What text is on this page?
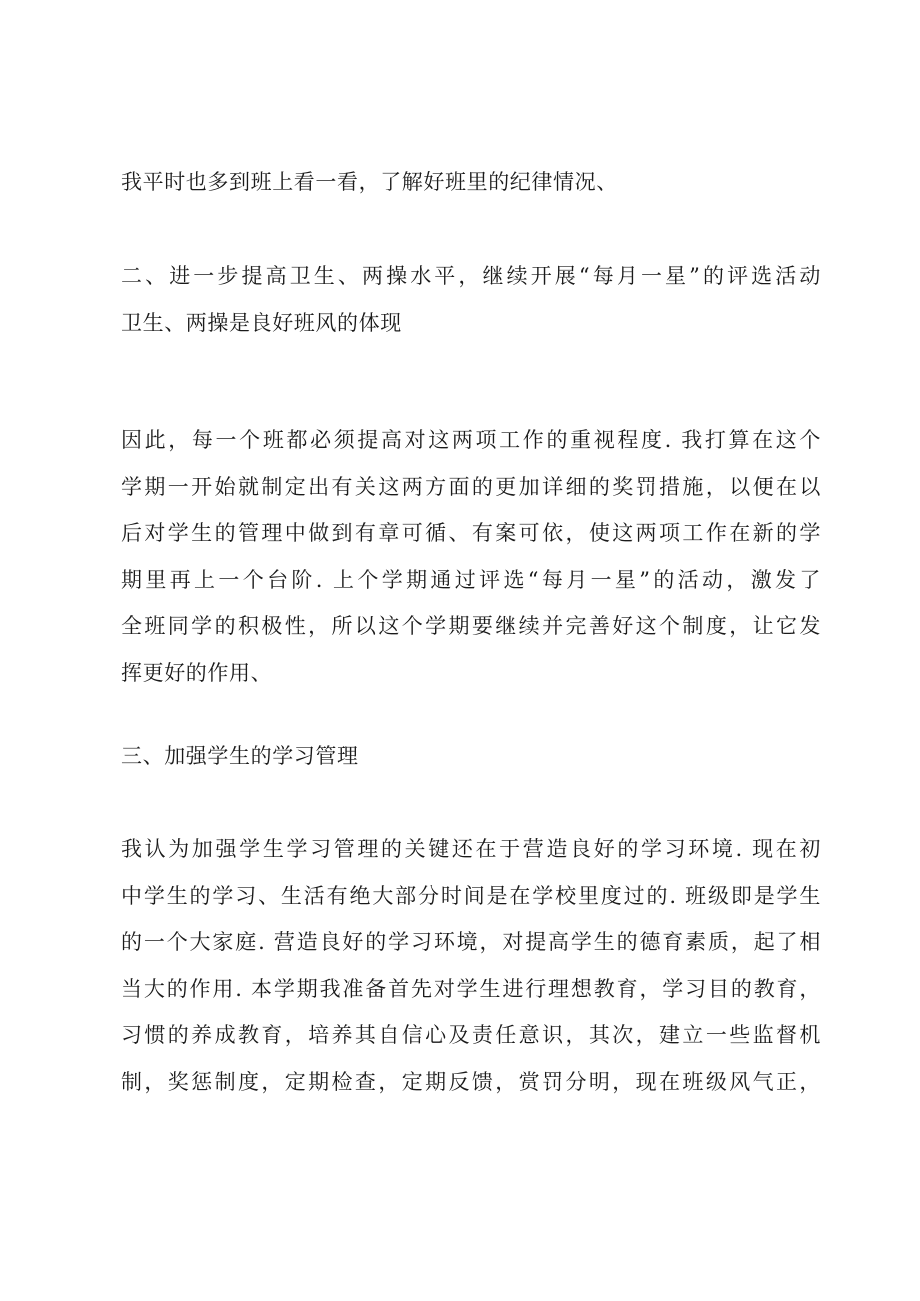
我平时也多到班上看一看，了解好班里的纪律情况、

二、进一步提高卫生、两操水平，继续开展“每月一星”的评选活动
卫生、两操是良好班风的体现

因此，每一个班都必须提高对这两项工作的重视程度. 我打算在这个
学期一开始就制定出有关这两方面的更加详细的奖罚措施，以便在以
后对学生的管理中做到有章可循、有案可依，使这两项工作在新的学
期里再上一个台阶. 上个学期通过评选“每月一星”的活动，激发了
全班同学的积极性，所以这个学期要继续并完善好这个制度，让它发
挥更好的作用、

三、加强学生的学习管理

我认为加强学生学习管理的关键还在于营造良好的学习环境. 现在初
中学生的学习、生活有绝大部分时间是在学校里度过的. 班级即是学生
的一个大家庭. 营造良好的学习环境，对提高学生的德育素质，起了相
当大的作用. 本学期我准备首先对学生进行理想教育，学习目的教育，
习惯的养成教育，培养其自信心及责任意识，其次，建立一些监督机
制，奖惩制度，定期检查，定期反馈，赏罚分明，现在班级风气正，
